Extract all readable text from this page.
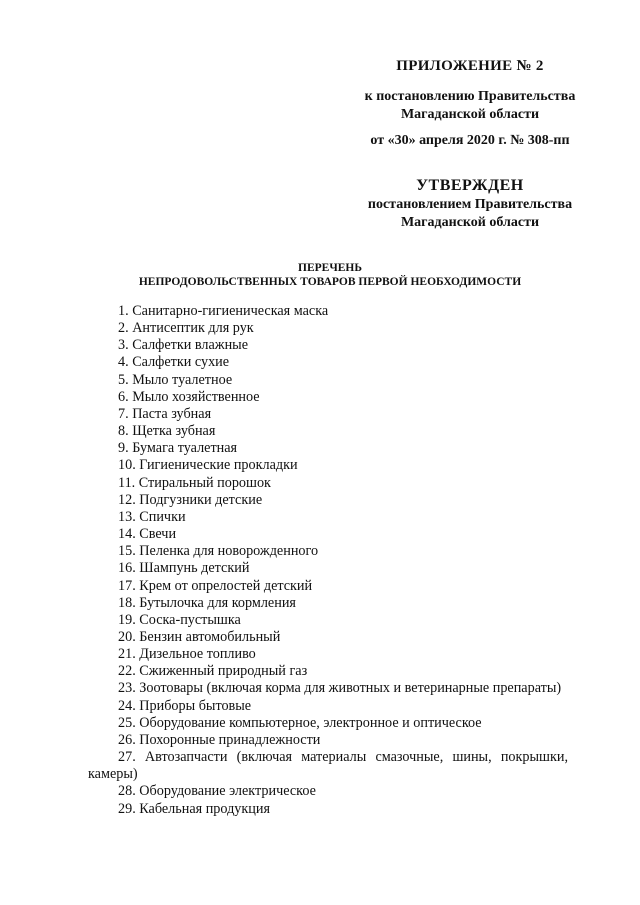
ПРИЛОЖЕНИЕ № 2
к постановлению Правительства
Магаданской области
от «30» апреля 2020 г. № 308-пп
УТВЕРЖДЕН
постановлением Правительства
Магаданской области
ПЕРЕЧЕНЬ
НЕПРОДОВОЛЬСТВЕННЫХ ТОВАРОВ ПЕРВОЙ НЕОБХОДИМОСТИ
1. Санитарно-гигиеническая маска
2. Антисептик для рук
3. Салфетки влажные
4. Салфетки сухие
5. Мыло туалетное
6. Мыло хозяйственное
7. Паста зубная
8. Щетка зубная
9. Бумага туалетная
10. Гигиенические прокладки
11. Стиральный порошок
12. Подгузники детские
13. Спички
14. Свечи
15. Пеленка для новорожденного
16. Шампунь детский
17. Крем от опрелостей детский
18. Бутылочка для кормления
19. Соска-пустышка
20. Бензин автомобильный
21. Дизельное топливо
22. Сжиженный природный газ
23. Зоотовары (включая корма для животных и ветеринарные препараты)
24. Приборы бытовые
25. Оборудование компьютерное, электронное и оптическое
26. Похоронные принадлежности
27. Автозапчасти (включая материалы смазочные, шины, покрышки, камеры)
28. Оборудование электрическое
29. Кабельная продукция
